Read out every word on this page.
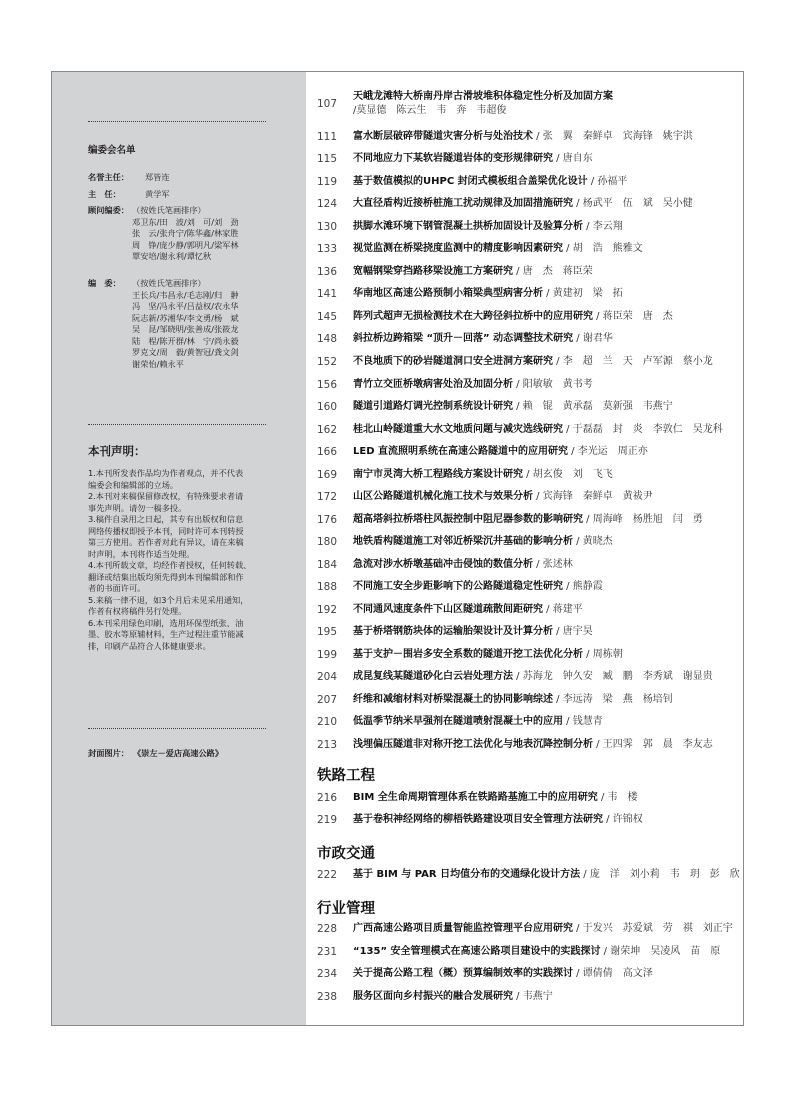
编委会名单
名誉主任：	郑皆连
主　任：	黄学军
顾问编委： （按姓氏笔画排序）
邓卫东/田　波/刘　可/刘　劲
张　云/张舟宁/陈华鑫/林家胜
周　铮/庞少静/郭明凡/梁军林
覃安培/谢永利/谭忆秋
编　委：	（按姓氏笔画排序）
王长兵/韦昌永/毛志刚/归　翀
冯　坚/冯永平/吕益权/农永华
阮志新/苏湘华/李文勇/杨　斌
吴　昆/邹晓明/张善成/张筱龙
陆　程/陈开群/林　宁/尚永毅
罗克文/周　毅/黄智冠/龚文剑
谢荣怡/赖永平
本刊声明：

1.本刊所发表作品均为作者观点，并不代表
编委会和编辑部的立场。

2.本刊对来稿保留修改权，有特殊要求者请
事先声明。请勿一稿多投。

3.稿件自录用之日起，其专有出版权和信息
网络传播权即授予本刊，同时许可本刊转授
第三方使用。若作者对此有异议，请在来稿
时声明，本刊将作适当处理。

4.本刊所载文章，均经作者授权，任何转载、
翻译或结集出版均须先得到本刊编辑部和作
者的书面许可。

5.来稿一律不退，如3个月后未见采用通知，
作者有权将稿件另行处理。

6.本刊采用绿色印刷，选用环保型纸张、油
墨、胶水等原辅材料，生产过程注重节能减
排，印刷产品符合人体健康要求。

封面图片： 《崇左－爱店高速公路》
107
天峨龙滩特大桥南丹岸古滑坡堆积体稳定性分析及加固方案
/莫显德　陈云生　韦　奔　韦超俊
111	富水断层破碎带隧道灾害分析与处治技术 / 张　翼　秦鲜卓　宾海锋　姚宇洪
115	不同地应力下某软岩隧道岩体的变形规律研究 / 唐自东
119	基于数值模拟的UHPC 封闭式模板组合盖梁优化设计 / 孙福平
124	大直径盾构近接桥桩施工扰动规律及加固措施研究 / 杨武平　伍　斌　吴小健
130	拱脚水滩环境下钢管混凝土拱桥加固设计及验算分析 / 李云翔
133	视觉监测在桥梁挠度监测中的精度影响因素研究 / 胡　浩　熊雅文
136	宽幅钢梁穿挡路移梁设施工方案研究 / 唐　杰　蒋臣荣
141	华南地区高速公路预制小箱梁典型病害分析 / 黄建初　梁　拓
145	阵列式超声无损检测技术在大跨径斜拉桥中的应用研究 / 蒋臣荣　唐　杰
148	斜拉桥边跨箱梁 “顶升－回落” 动态调整技术研究 / 谢君华
152	不良地质下的砂岩隧道洞口安全进洞方案研究 / 李　超　兰　天　卢军源　蔡小龙
156	青竹立交匝桥墩病害处治及加固分析 / 阳敏敏　黄书考
160	隧道引道路灯调光控制系统设计研究 / 赖　锟　黄承磊　莫新强　韦燕宁
162	桂北山岭隧道重大水文地质问题与减灾选线研究 / 于磊磊　封　炎　李敦仁　吴龙科
166	LED 直流照明系统在高速公路隧道中的应用研究 / 李光运　周正亦
169	南宁市灵湾大桥工程路线方案设计研究 / 胡玄俊　刘　飞飞
172	山区公路隧道机械化施工技术与效果分析 / 宾海锋　秦鲜卓　黄祓尹
176	超高塔斜拉桥塔柱风振控制中阻尼器参数的影响研究 / 周海峰　杨胜旭　闫　勇
180	地铁盾构隧道施工对邻近桥梁沉井基础的影响分析 / 黄晓杰
184	急流对涉水桥墩基础冲击侵蚀的数值分析 / 张述林
188	不同施工安全步距影响下的公路隧道稳定性研究 / 熊静霞
192	不同通风速度条件下山区隧道疏散间距研究 / 蒋建平
195	基于桥塔钢筋块体的运输胎架设计及计算分析 / 唐宇昊
199	基于支护－围岩多安全系数的隧道开挖工法优化分析 / 周栋朝
204	成昆复线某隧道砂化白云岩处理方法 / 苏海龙　钟久安　臧　鹏　李秀斌　谢显贵
207	纤维和减缩材料对桥梁混凝土的协同影响综述 / 李远涛　梁　燕　杨培钊
210	低温季节纳米早强剂在隧道喷射混凝土中的应用 / 钱慧青
213	浅埋偏压隧道非对称开挖工法优化与地表沉降控制分析 / 王四霁　郭　晨　李友志
铁路工程
216	BIM 全生命周期管理体系在铁路路基施工中的应用研究 / 韦　楼
219	基于卷积神经网络的柳梧铁路建设项目安全管理方法研究 / 许锦权
市政交通
222	基于 BIM 与 PAR 日均值分布的交通绿化设计方法 / 庞　洋　刘小莉　韦　玥　彭　欣
行业管理
228	广西高速公路项目质量智能监控管理平台应用研究 / 于发兴　苏爱斌　劳　祺　刘正宇
231	“135” 安全管理模式在高速公路项目建设中的实践探讨 / 谢荣坤　吴凌风　苗　原
234	关于提高公路工程（概）预算编制效率的实践探讨 / 谭倩倩　高文泽
238	服务区面向乡村振兴的融合发展研究 / 韦燕宁
